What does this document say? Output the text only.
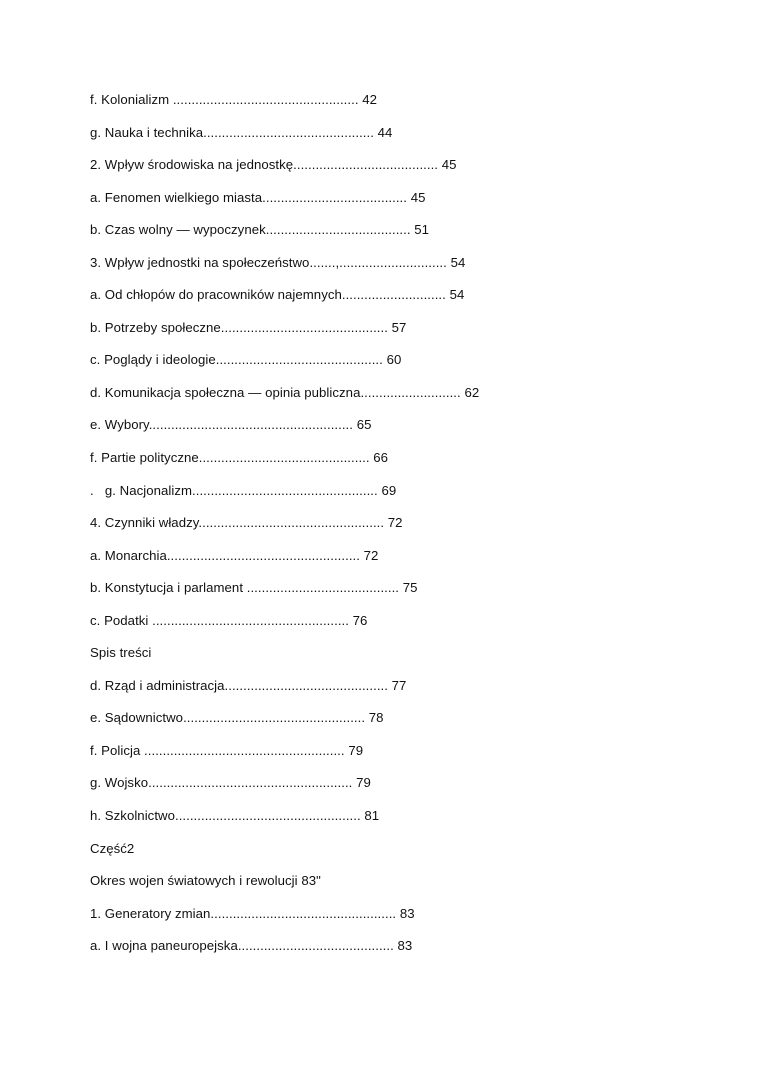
f. Kolonializm .................................................. 42
g. Nauka i technika.............................................. 44
2. Wpływ środowiska na jednostkę....................................... 45
a. Fenomen wielkiego miasta....................................... 45
b. Czas wolny — wypoczynek....................................... 51
3. Wpływ jednostki na społeczeństwo.......,............................. 54
a. Od chłopów do pracowników najemnych............................ 54
b. Potrzeby społeczne............................................. 57
c. Poglądy i ideologie............................................. 60
d. Komunikacja społeczna — opinia publiczna........................... 62
e. Wybory....................................................... 65
f. Partie polityczne.............................................. 66
.   g. Nacjonalizm.................................................. 69
4. Czynniki władzy.................................................. 72
a. Monarchia.................................................... 72
b. Konstytucja i parlament ......................................... 75
c. Podatki ..................................................... 76
Spis treści
d. Rząd i administracja............................................ 77
e. Sądownictwo................................................. 78
f. Policja ...................................................... 79
g. Wojsko....................................................... 79
h. Szkolnictwo.................................................. 81
Część2
Okres wojen światowych i rewolucji 83"
1. Generatory zmian.................................................. 83
a. I wojna paneuropejska.......................................... 83
